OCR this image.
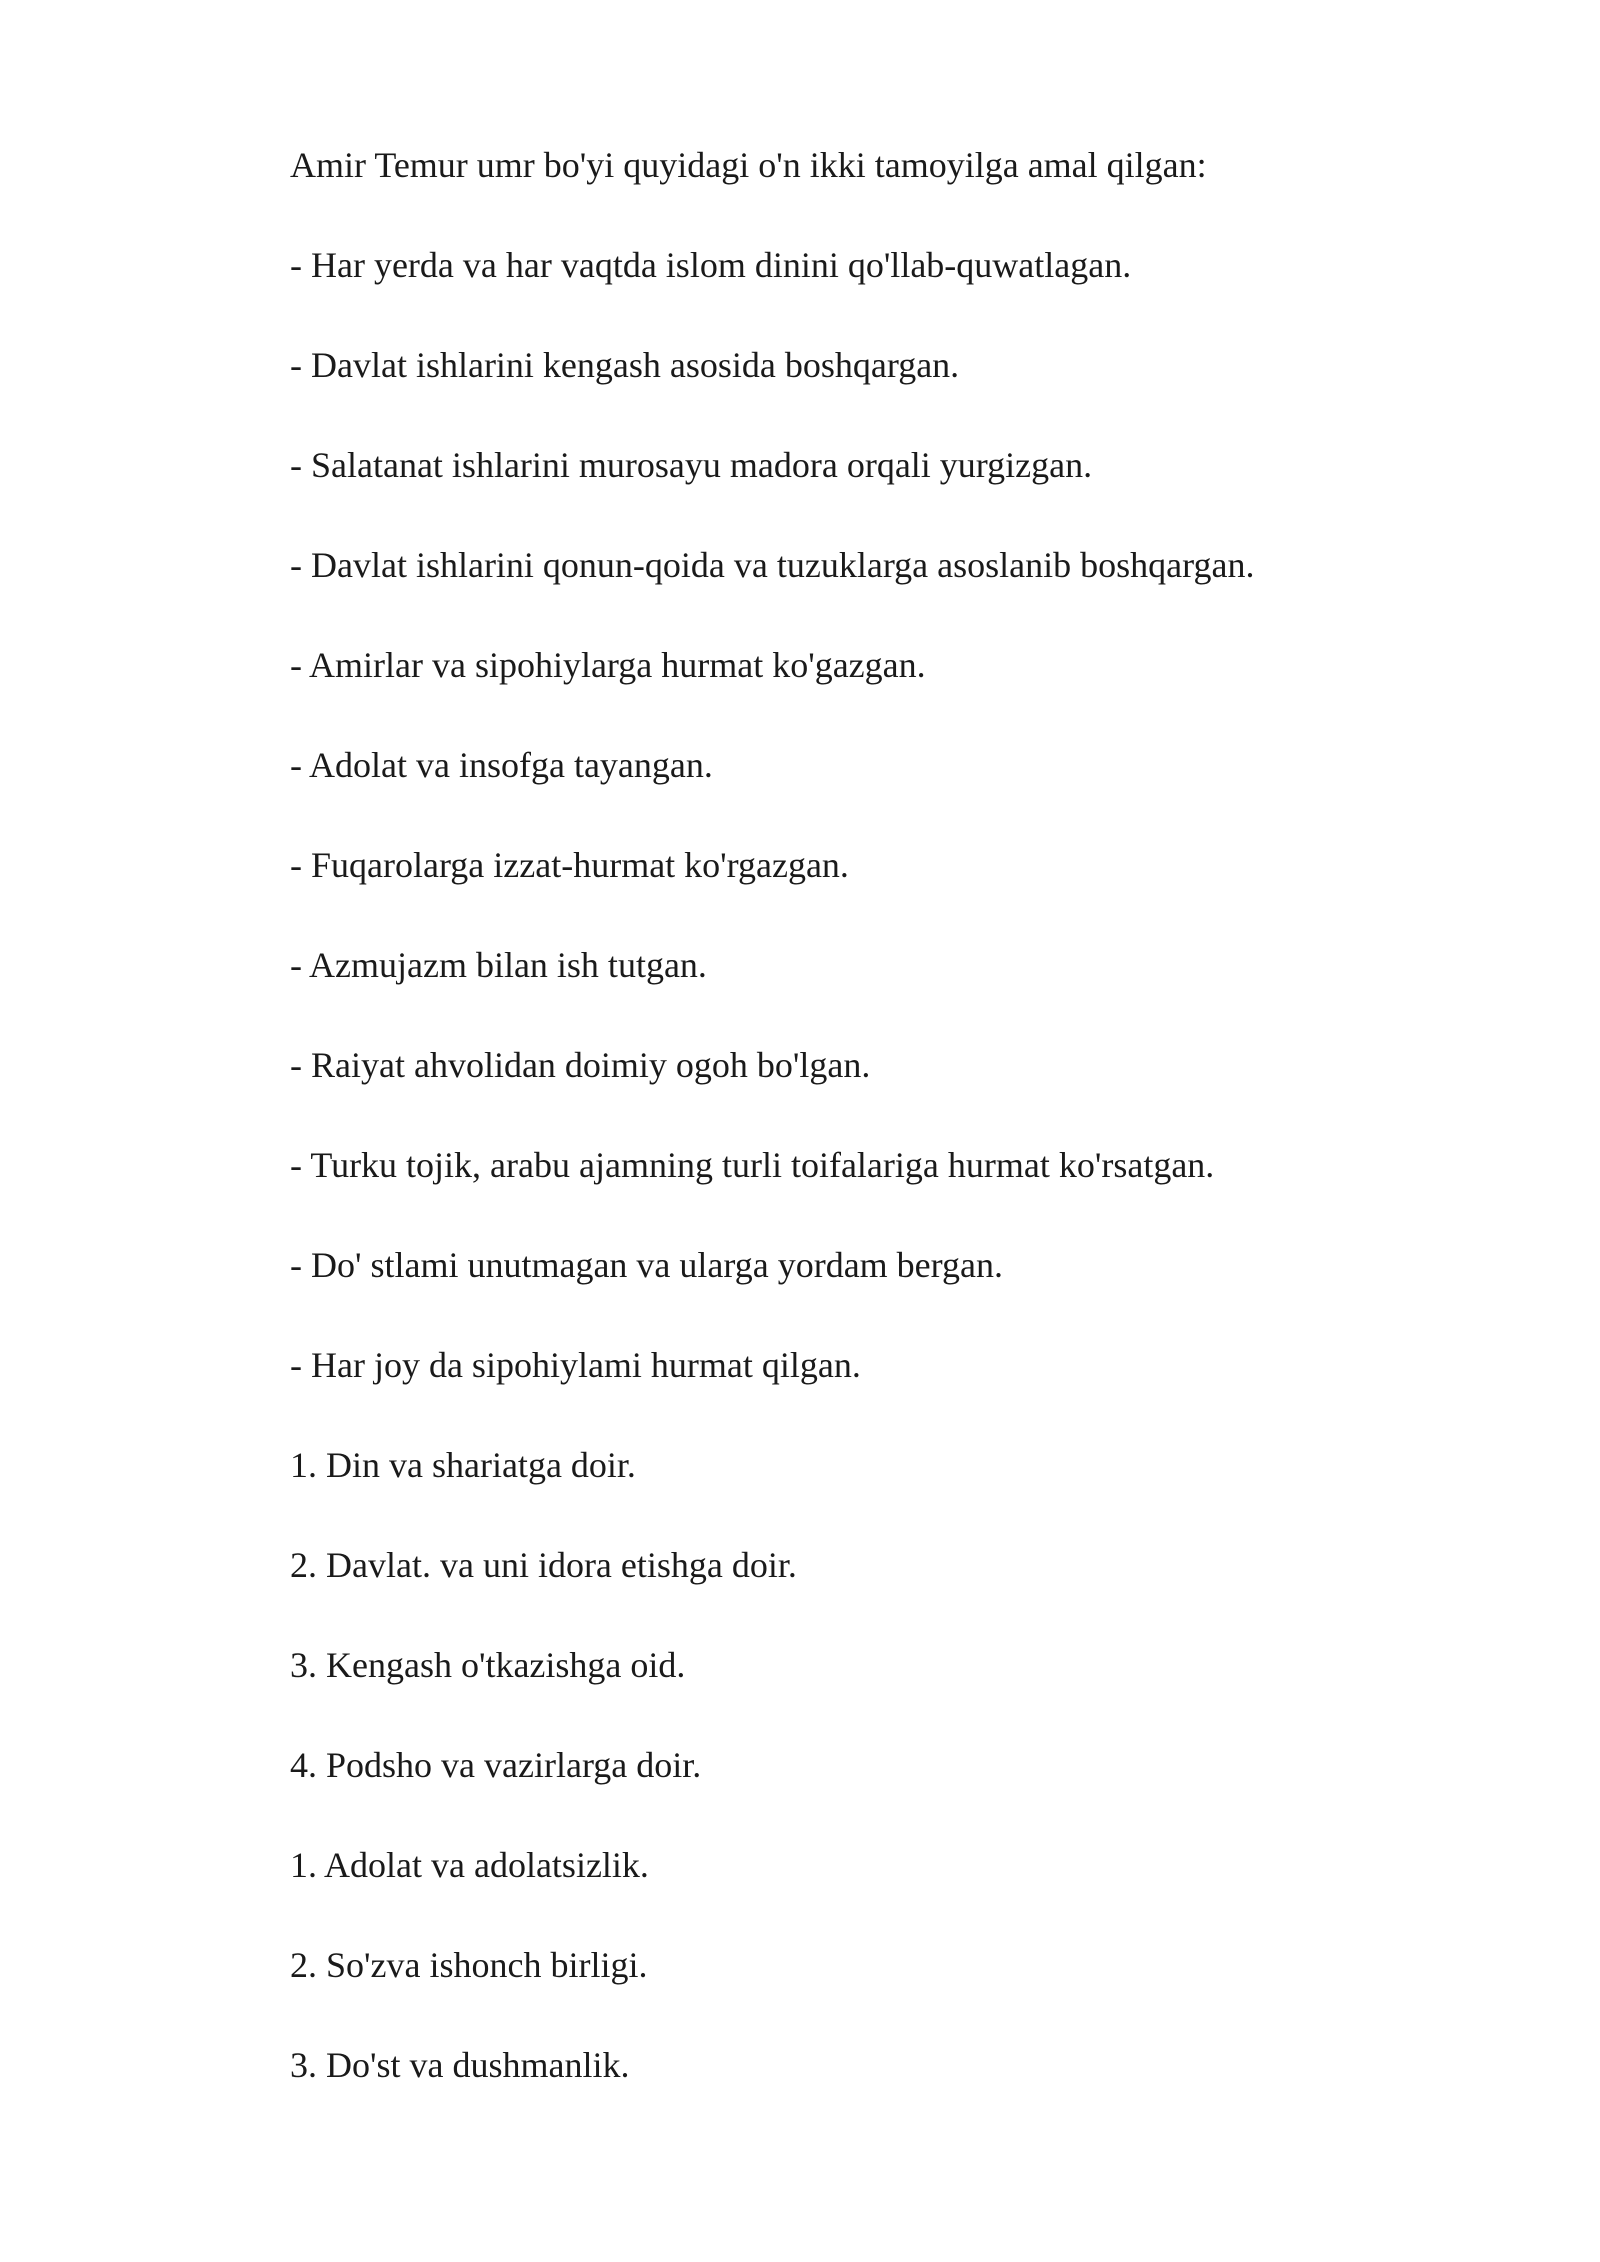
Amir Temur umr bo'yi quyidagi o'n ikki tamoyilga amal qilgan:

- Har yerda va har vaqtda islom dinini qo'llab-quwatlagan.

- Davlat ishlarini kengash asosida boshqargan.

- Salatanat ishlarini murosayu madora orqali yurgizgan.

- Davlat ishlarini qonun-qoida va tuzuklarga asoslanib boshqargan.

- Amirlar va sipohiylarga hurmat ko'gazgan.

- Adolat va insofga tayangan.

- Fuqarolarga izzat-hurmat ko'rgazgan.

- Azmujazm bilan ish tutgan.

- Raiyat ahvolidan doimiy ogoh bo'lgan.

- Turku tojik, arabu ajamning turli toifalariga hurmat ko'rsatgan.

- Do' stlami unutmagan va ularga yordam bergan.

- Har joy da sipohiylami hurmat qilgan.

1. Din va shariatga doir.

2. Davlat. va uni idora etishga doir.

3. Kengash o'tkazishga oid.

4. Podsho va vazirlarga doir.

1. Adolat va adolatsizlik.

2. So'zva ishonch birligi.

3. Do'st va dushmanlik.
